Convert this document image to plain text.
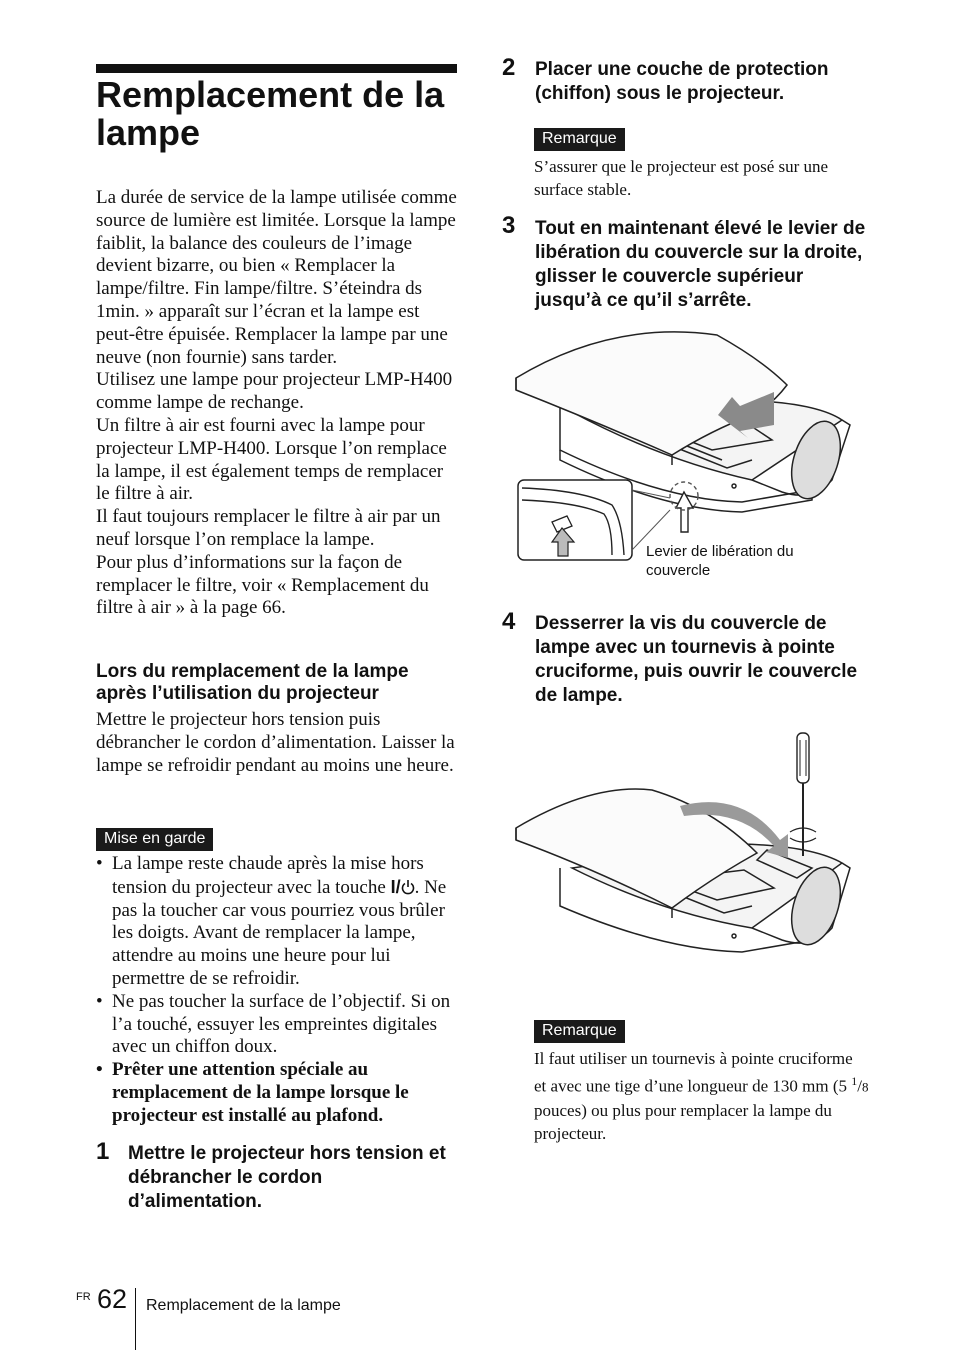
Remplacement de la lampe

La durée de service de la lampe utilisée comme source de lumière est limitée. Lorsque la lampe faiblit, la balance des couleurs de l’image devient bizarre, ou bien « Remplacer la lampe/filtre. Fin lampe/filtre. S’éteindra ds 1min. » apparaît sur l’écran et la lampe est peut-être épuisée. Remplacer la lampe par une neuve (non fournie) sans tarder.

Utilisez une lampe pour projecteur LMP-H400 comme lampe de rechange.

Un filtre à air est fourni avec la lampe pour projecteur LMP-H400. Lorsque l’on remplace la lampe, il est également temps de remplacer le filtre à air.

Il faut toujours remplacer le filtre à air par un neuf lorsque l’on remplace la lampe.

Pour plus d’informations sur la façon de remplacer le filtre, voir « Remplacement du filtre à air » à la page 66.

Lors du remplacement de la lampe après l’utilisation du projecteur

Mettre le projecteur hors tension puis débrancher le cordon d’alimentation. Laisser la lampe se refroidir pendant au moins une heure.

Mise en garde
• La lampe reste chaude après la mise hors tension du projecteur avec la touche I/ . Ne pas la toucher car vous pourriez vous brûler les doigts. Avant de remplacer la lampe, attendre au moins une heure pour lui permettre de se refroidir.
• Ne pas toucher la surface de l’objectif. Si on l’a touché, essuyer les empreintes digitales avec un chiffon doux.
• Prêter une attention spéciale au remplacement de la lampe lorsque le projecteur est installé au plafond.
1 Mettre le projecteur hors tension et débrancher le cordon d’alimentation.

2 Placer une couche de protection (chiffon) sous le projecteur.

Remarque

S’assurer que le projecteur est posé sur une surface stable.

3 Tout en maintenant élevé le levier de libération du couvercle sur la droite, glisser le couvercle supérieur jusqu’à ce qu’il s’arrête.

Levier de libération du couvercle
4 Desserrer la vis du couvercle de lampe avec un tournevis à pointe cruciforme, puis ouvrir le couvercle de lampe.

Remarque

Il faut utiliser un tournevis à pointe cruciforme et avec une tige d’une longueur de 130 mm (5 $^1$/8 pouces) ou plus pour remplacer la lampe du projecteur.

FR 62 Remplacement de la lampe
